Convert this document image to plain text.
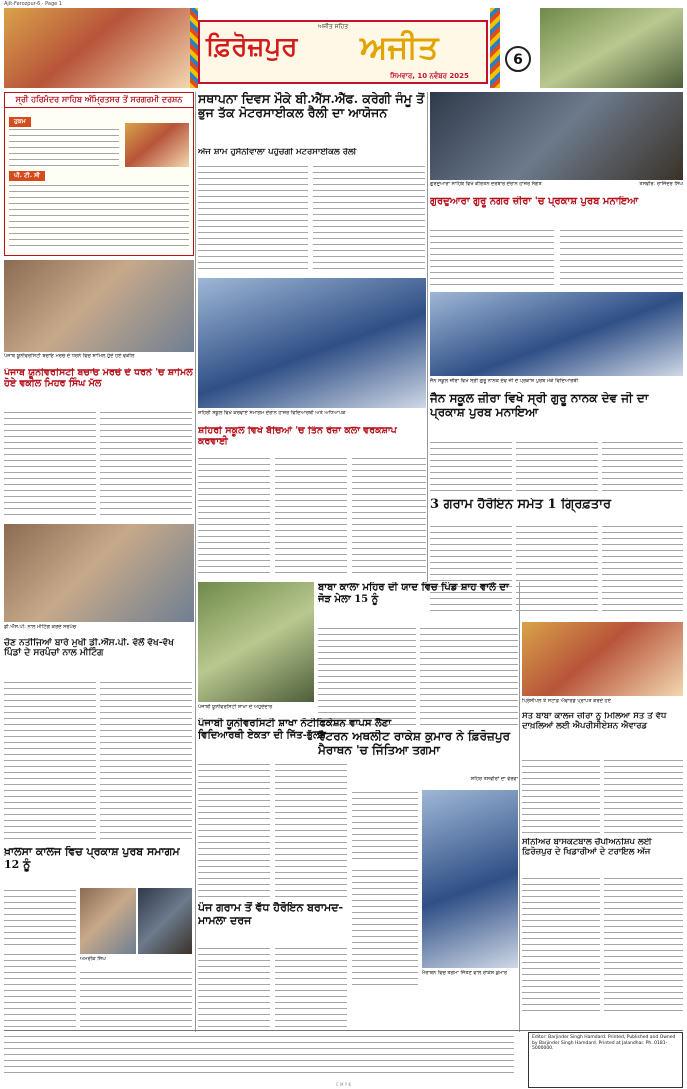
Ajit-Ferozpur-6 · Page 1
ਅਜੀਤ ਸਹਿਤ
ਫ਼ਿਰੋਜ਼ਪੁਰ ਅਜੀਤ
ਸਿਮਵਾਰ, 10 ਨਵੰਬਰ 2025
6
ਸ੍ਰੀ ਹਰਿਮੰਦਰ ਸਾਹਿਬ ਅੰਮ੍ਰਿਤਸਰ ਤੋਂ ਸਰਗਰਮੀ ਦਰਸ਼ਨ
ਹੁਕਮ
ਪੀ. ਟੀ. ਸੀ
ਸਥਾਪਨਾ ਦਿਵਸ ਮੌਕੇ ਬੀ.ਐੱਸ.ਐੱਫ. ਕਰੇਗੀ ਜੰਮੂ ਤੋਂ ਭੁਜ ਤੱਕ ਮੋਟਰਸਾਈਕਲ ਰੈਲੀ ਦਾ ਆਯੋਜਨ
ਅੱਜ ਸ਼ਾਮ ਹੁਸੈਨੀਵਾਲਾ ਪਹੁੰਚੇਗੀ ਮੋਟਰਸਾਈਕਲ ਰੈਲੀ
ਗੁਰਦੁਆਰਾ ਸਾਹਿਬ ਵਿਖੇ ਕੀਰਤਨ ਦਰਬਾਰ ਦੌਰਾਨ ਹਾਜ਼ਰ ਸੰਗਤ	ਤਸਵੀਰ: ਰਾਜਿੰਦਰ ਸਿੰਘ
ਗੁਰਦੁਆਰਾ ਗੁਰੂ ਨਗਰ ਜ਼ੀਰਾ 'ਚ ਪ੍ਰਕਾਸ਼ ਪੁਰਬ ਮਨਾਇਆ
ਪੰਜਾਬ ਯੂਨੀਵਰਸਿਟੀ ਬਚਾਓ ਮੋਰਚੇ ਦੇ ਧਰਨੇ ਵਿਚ ਸ਼ਾਮਿਲ ਹੁੰਦੇ ਹੋਏ ਵਕੀਲ
ਪੰਜਾਬ ਯੂਨੀਵਰਸਿਟੀ ਬਚਾਓ ਮੋਰਚੇ ਦੇ ਧਰਨੇ 'ਚ ਸ਼ਾਮਿਲ ਹੋਏ ਵਕੀਲ ਮਿਹਰ ਸਿੰਘ ਮੱਲ
ਸ਼ਹਿਰੀ ਸਕੂਲ ਵਿਖੇ ਕਰਵਾਏ ਸਮਾਗਮ ਦੌਰਾਨ ਹਾਜ਼ਰ ਵਿਦਿਆਰਥੀ ਅਤੇ ਅਧਿਆਪਕ
ਸ਼ਹਿਰੀ ਸਕੂਲ ਵਿਖੇ ਬੱਚਿਆਂ 'ਚ ਤਿੰਨ ਰੋਜ਼ਾ ਕਲਾ ਵਰਕਸ਼ਾਪ ਕਰਵਾਈ
ਜੈਨ ਸਕੂਲ ਜ਼ੀਰਾ ਵਿਖੇ ਸ੍ਰੀ ਗੁਰੂ ਨਾਨਕ ਦੇਵ ਜੀ ਦੇ ਪ੍ਰਕਾਸ਼ ਪੁਰਬ ਮੌਕੇ ਵਿਦਿਆਰਥੀ
ਜੈਨ ਸਕੂਲ ਜ਼ੀਰਾ ਵਿਖੇ ਸ੍ਰੀ ਗੁਰੂ ਨਾਨਕ ਦੇਵ ਜੀ ਦਾ ਪ੍ਰਕਾਸ਼ ਪੁਰਬ ਮਨਾਇਆ
3 ਗਰਾਮ ਹੈਰੋਇਨ ਸਮੇਤ 1 ਗ੍ਰਿਫ਼ਤਾਰ
ਡੀ.ਐੱਸ.ਪੀ. ਨਾਲ ਮੀਟਿੰਗ ਕਰਦੇ ਸਰਪੰਚ
ਚੋਣ ਨਤੀਜਿਆਂ ਬਾਰੇ ਮੁਖੀ ਡੀ.ਐੱਸ.ਪੀ. ਵੱਲੋਂ ਵੱਖ-ਵੱਖ ਪਿੰਡਾਂ ਦੇ ਸਰਪੰਚਾਂ ਨਾਲ ਮੀਟਿੰਗ
ਬਾਬਾ ਕਾਲਾ ਮਹਿਰ ਦੀ ਯਾਦ ਵਿਚ ਪਿੰਡ ਸ਼ਾਹ ਵਾਲੇ ਦਾ ਜੋੜ ਮੇਲਾ 15 ਨੂੰ
ਪੰਜਾਬੀ ਯੂਨੀਵਰਸਿਟੀ ਸ਼ਾਖਾ ਦੇ ਅਹੁਦੇਦਾਰ
ਪੰਜਾਬੀ ਯੂਨੀਵਰਸਿਟੀ ਸ਼ਾਖਾ ਨੋਟੀਫਿਕੇਸ਼ਨ ਵਾਪਸ ਲੈਣਾ ਵਿਦਿਆਰਥੀ ਏਕਤਾ ਦੀ ਜਿੱਤ-ਭੁੱਲਰ
ਪ੍ਰਿੰਸੀਪਲ ਤੇ ਸਟਾਫ਼ ਐਵਾਰਡ ਪ੍ਰਾਪਤ ਕਰਦੇ ਹੋਏ
ਸੰਤ ਬਾਬਾ ਕਾਲਜ ਜ਼ੀਰਾ ਨੂੰ ਮਿਲਿਆ ਸੰਤ ਤੋਂ ਵੱਧ ਦਾਖ਼ਲਿਆਂ ਲਈ ਐਪਰੀਸੀਏਸ਼ਨ ਐਵਾਰਡ
ਵੈਟਰਨ ਅਥਲੀਟ ਰਾਕੇਸ਼ ਕੁਮਾਰ ਨੇ ਫ਼ਿਰੋਜ਼ਪੁਰ ਮੈਰਾਥਨ 'ਚ ਜਿੱਤਿਆ ਤਗਮਾ
ਸ਼ਹਿਰ ਤਸਵੀਰਾਂ ਦਾ ਵੇਰਵਾ
ਮੈਰਾਥਨ ਵਿਚ ਤਗਮਾ ਜਿੱਤਣ ਵਾਲੇ ਰਾਕੇਸ਼ ਕੁਮਾਰ
ਖ਼ਾਲਸਾ ਕਾਲਜ ਵਿਚ ਪ੍ਰਕਾਸ਼ ਪੁਰਬ ਸਮਾਗਮ 12 ਨੂੰ
ਅਮਰੀਕ ਸਿੰਘ
ਸੀਨੀਅਰ ਬਾਸਕਟਬਾਲ ਚੈਂਪੀਅਨਸ਼ਿਪ ਲਈ ਫ਼ਿਰੋਜ਼ਪੁਰ ਦੇ ਖਿਡਾਰੀਆਂ ਦੇ ਟਰਾਇਲ ਅੱਜ
ਪੰਜ ਗਰਾਮ ਤੋਂ ਵੱਧ ਹੈਰੋਇਨ ਬਰਾਮਦ-ਮਾਮਲਾ ਦਰਜ
Editor: Barjinder Singh Hamdard. Printed, Published and Owned by Barjinder Singh Hamdard. Printed at Jalandhar. Ph. 0181-5000000.
C M Y K
